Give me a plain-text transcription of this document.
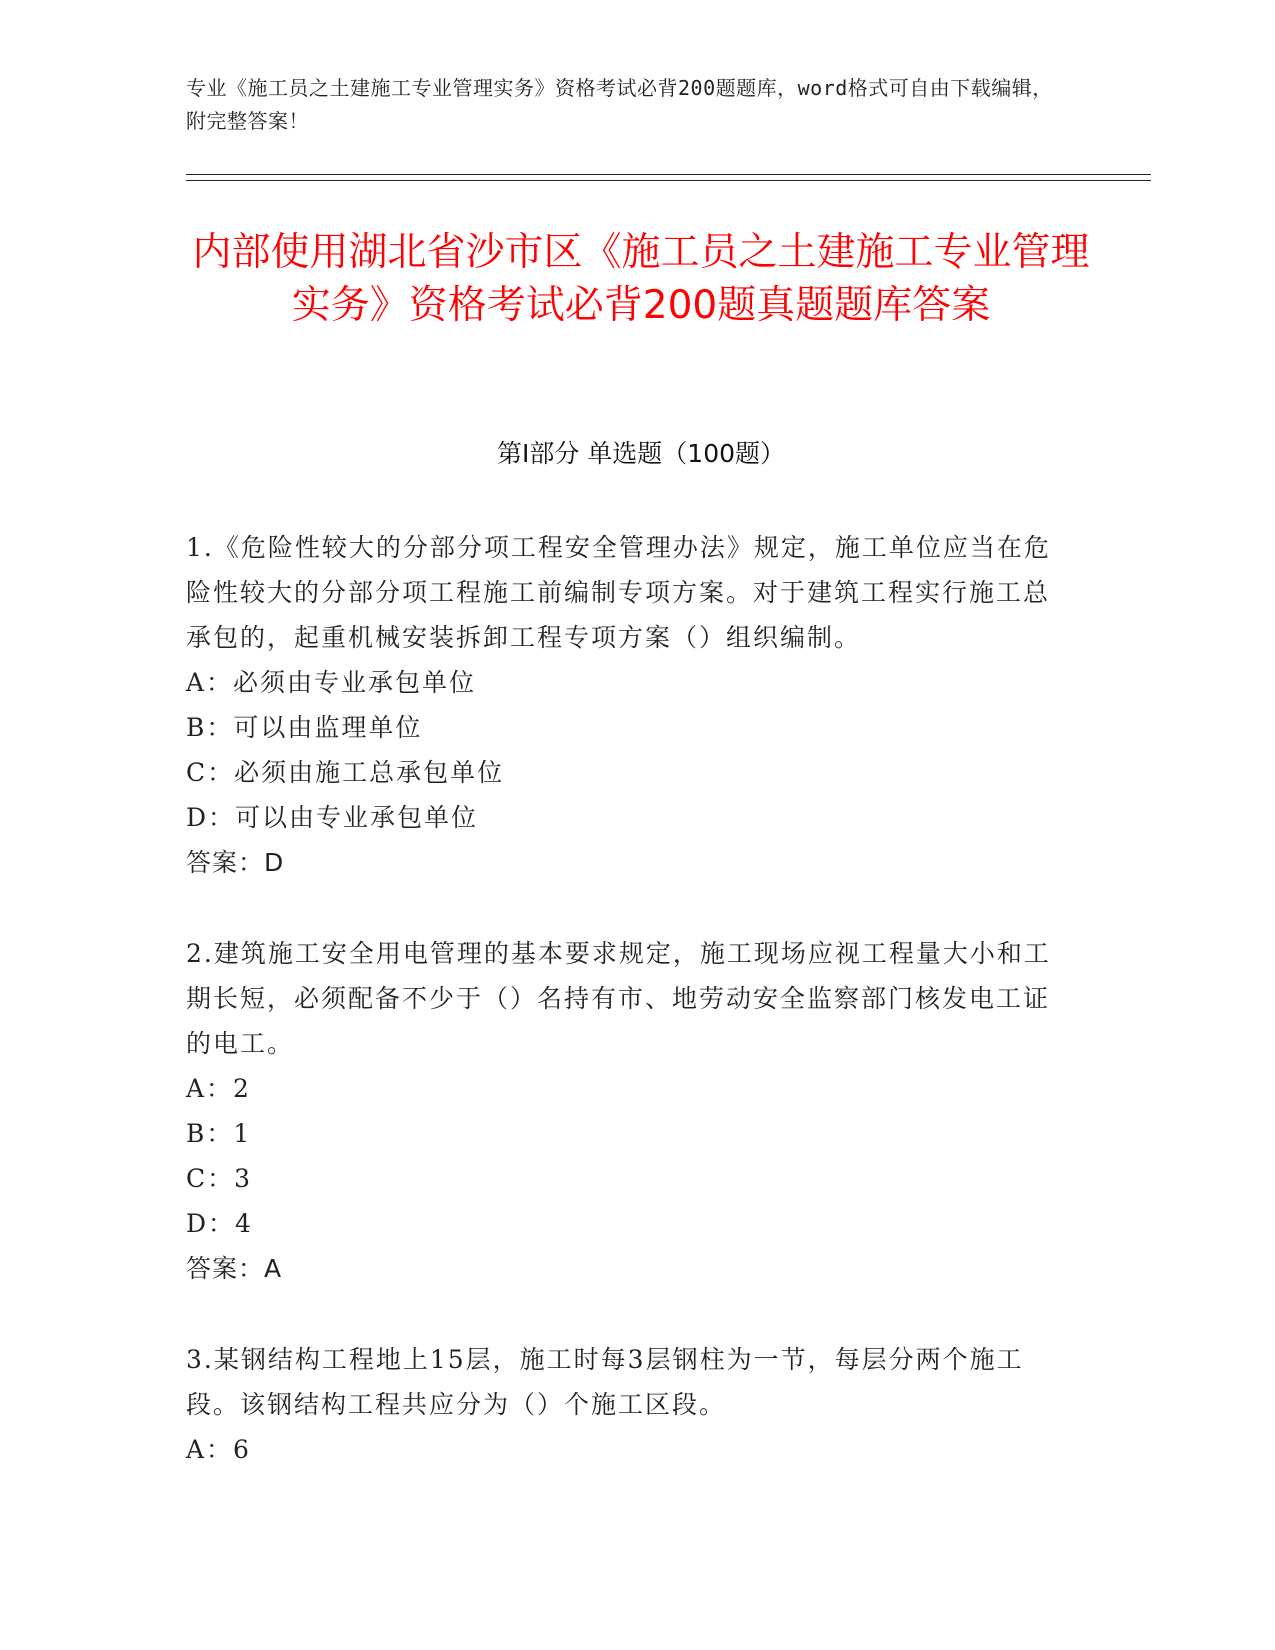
专业《施工员之土建施工专业管理实务》资格考试必背200题题库，word格式可自由下载编辑，附完整答案！
内部使用湖北省沙市区《施工员之土建施工专业管理实务》资格考试必背200题真题题库答案
第I部分 单选题（100题）

1.《危险性较大的分部分项工程安全管理办法》规定，施工单位应当在危险性较大的分部分项工程施工前编制专项方案。对于建筑工程实行施工总承包的，起重机械安装拆卸工程专项方案（）组织编制。

A：必须由专业承包单位

B：可以由监理单位

C：必须由施工总承包单位

D：可以由专业承包单位

答案：D

2.建筑施工安全用电管理的基本要求规定，施工现场应视工程量大小和工期长短，必须配备不少于（）名持有市、地劳动安全监察部门核发电工证的电工。

A：2

B：1

C：3

D：4

答案：A

3.某钢结构工程地上15层，施工时每3层钢柱为一节，每层分两个施工段。该钢结构工程共应分为（）个施工区段。

A：6
